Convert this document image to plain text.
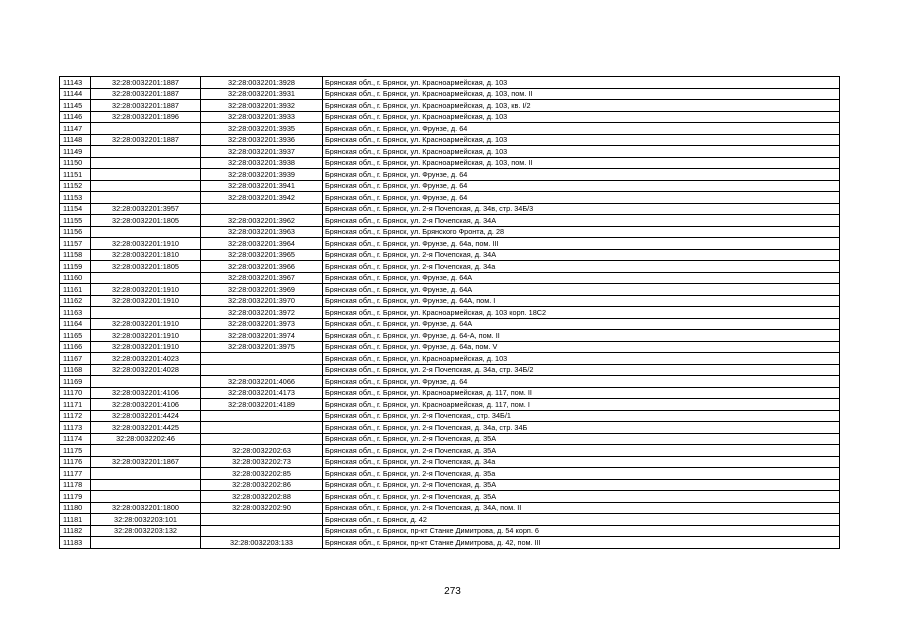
11143	32:28:0032201:1887	32:28:0032201:3928	Брянская обл., г. Брянск, ул. Красноармейская, д. 103
11144	32:28:0032201:1887	32:28:0032201:3931	Брянская обл., г. Брянск, ул. Красноармейская, д. 103, пом. II
11145	32:28:0032201:1887	32:28:0032201:3932	Брянская обл., г. Брянск, ул. Красноармейская, д. 103, кв. I/2
11146	32:28:0032201:1896	32:28:0032201:3933	Брянская обл., г. Брянск, ул. Красноармейская, д. 103
11147		32:28:0032201:3935	Брянская обл., г. Брянск, ул. Фрунзе, д. 64
11148	32:28:0032201:1887	32:28:0032201:3936	Брянская обл., г. Брянск, ул. Красноармейская, д. 103
11149		32:28:0032201:3937	Брянская обл., г. Брянск, ул. Красноармейская, д. 103
11150		32:28:0032201:3938	Брянская обл., г. Брянск, ул. Красноармейская, д. 103, пом. II
11151		32:28:0032201:3939	Брянская обл., г. Брянск, ул. Фрунзе, д. 64
11152		32:28:0032201:3941	Брянская обл., г. Брянск, ул. Фрунзе, д. 64
11153		32:28:0032201:3942	Брянская обл., г. Брянск, ул. Фрунзе, д. 64
11154	32:28:0032201:3957		Брянская обл., г. Брянск, ул. 2-я Почепская, д. 34в, стр. 34Б/3
11155	32:28:0032201:1805	32:28:0032201:3962	Брянская обл., г. Брянск, ул. 2-я Почепская, д. 34А
11156		32:28:0032201:3963	Брянская обл., г. Брянск, ул. Брянского Фронта, д. 28
11157	32:28:0032201:1910	32:28:0032201:3964	Брянская обл., г. Брянск, ул. Фрунзе, д. 64а, пом. III
11158	32:28:0032201:1810	32:28:0032201:3965	Брянская обл., г. Брянск, ул. 2-я Почепская, д. 34А
11159	32:28:0032201:1805	32:28:0032201:3966	Брянская обл., г. Брянск, ул. 2-я Почепская, д. 34а
11160		32:28:0032201:3967	Брянская обл., г. Брянск, ул. Фрунзе, д. 64А
11161	32:28:0032201:1910	32:28:0032201:3969	Брянская обл., г. Брянск, ул. Фрунзе, д. 64А
11162	32:28:0032201:1910	32:28:0032201:3970	Брянская обл., г. Брянск, ул. Фрунзе, д. 64А, пом. I
11163		32:28:0032201:3972	Брянская обл., г. Брянск, ул. Красноармейская, д. 103 корп. 18С2
11164	32:28:0032201:1910	32:28:0032201:3973	Брянская обл., г. Брянск, ул. Фрунзе, д. 64А
11165	32:28:0032201:1910	32:28:0032201:3974	Брянская обл., г. Брянск, ул. Фрунзе, д. 64-А, пом. II
11166	32:28:0032201:1910	32:28:0032201:3975	Брянская обл., г. Брянск, ул. Фрунзе, д. 64а, пом. V
11167	32:28:0032201:4023		Брянская обл., г. Брянск, ул. Красноармейская, д. 103
11168	32:28:0032201:4028		Брянская обл., г. Брянск, ул. 2-я Почепская, д. 34а, стр. 34Б/2
11169		32:28:0032201:4066	Брянская обл., г. Брянск, ул. Фрунзе, д. 64
11170	32:28:0032201:4106	32:28:0032201:4173	Брянская обл., г. Брянск, ул. Красноармейская, д. 117, пом. II
11171	32:28:0032201:4106	32:28:0032201:4189	Брянская обл., г. Брянск, ул. Красноармейская, д. 117, пом. I
11172	32:28:0032201:4424		Брянская обл., г. Брянск, ул. 2-я Почепская,, стр. 34Б/1
11173	32:28:0032201:4425		Брянская обл., г. Брянск, ул. 2-я Почепская, д. 34а, стр. 34Б
11174	32:28:0032202:46		Брянская обл., г. Брянск, ул. 2-я Почепская, д. 35А
11175		32:28:0032202:63	Брянская обл., г. Брянск, ул. 2-я Почепская, д. 35А
11176	32:28:0032201:1867	32:28:0032202:73	Брянская обл., г. Брянск, ул. 2-я Почепская, д. 34а
11177		32:28:0032202:85	Брянская обл., г. Брянск, ул. 2-я Почепская, д. 35а
11178		32:28:0032202:86	Брянская обл., г. Брянск, ул. 2-я Почепская, д. 35А
11179		32:28:0032202:88	Брянская обл., г. Брянск, ул. 2-я Почепская, д. 35А
11180	32:28:0032201:1800	32:28:0032202:90	Брянская обл., г. Брянск, ул. 2-я Почепская, д. 34А, пом. II
11181	32:28:0032203:101		Брянская обл., г. Брянск, д. 42
11182	32:28:0032203:132		Брянская обл., г. Брянск, пр-кт Станке Димитрова, д. 54 корп. 6
11183		32:28:0032203:133	Брянская обл., г. Брянск, пр-кт Станке Димитрова, д. 42, пом. III
273
